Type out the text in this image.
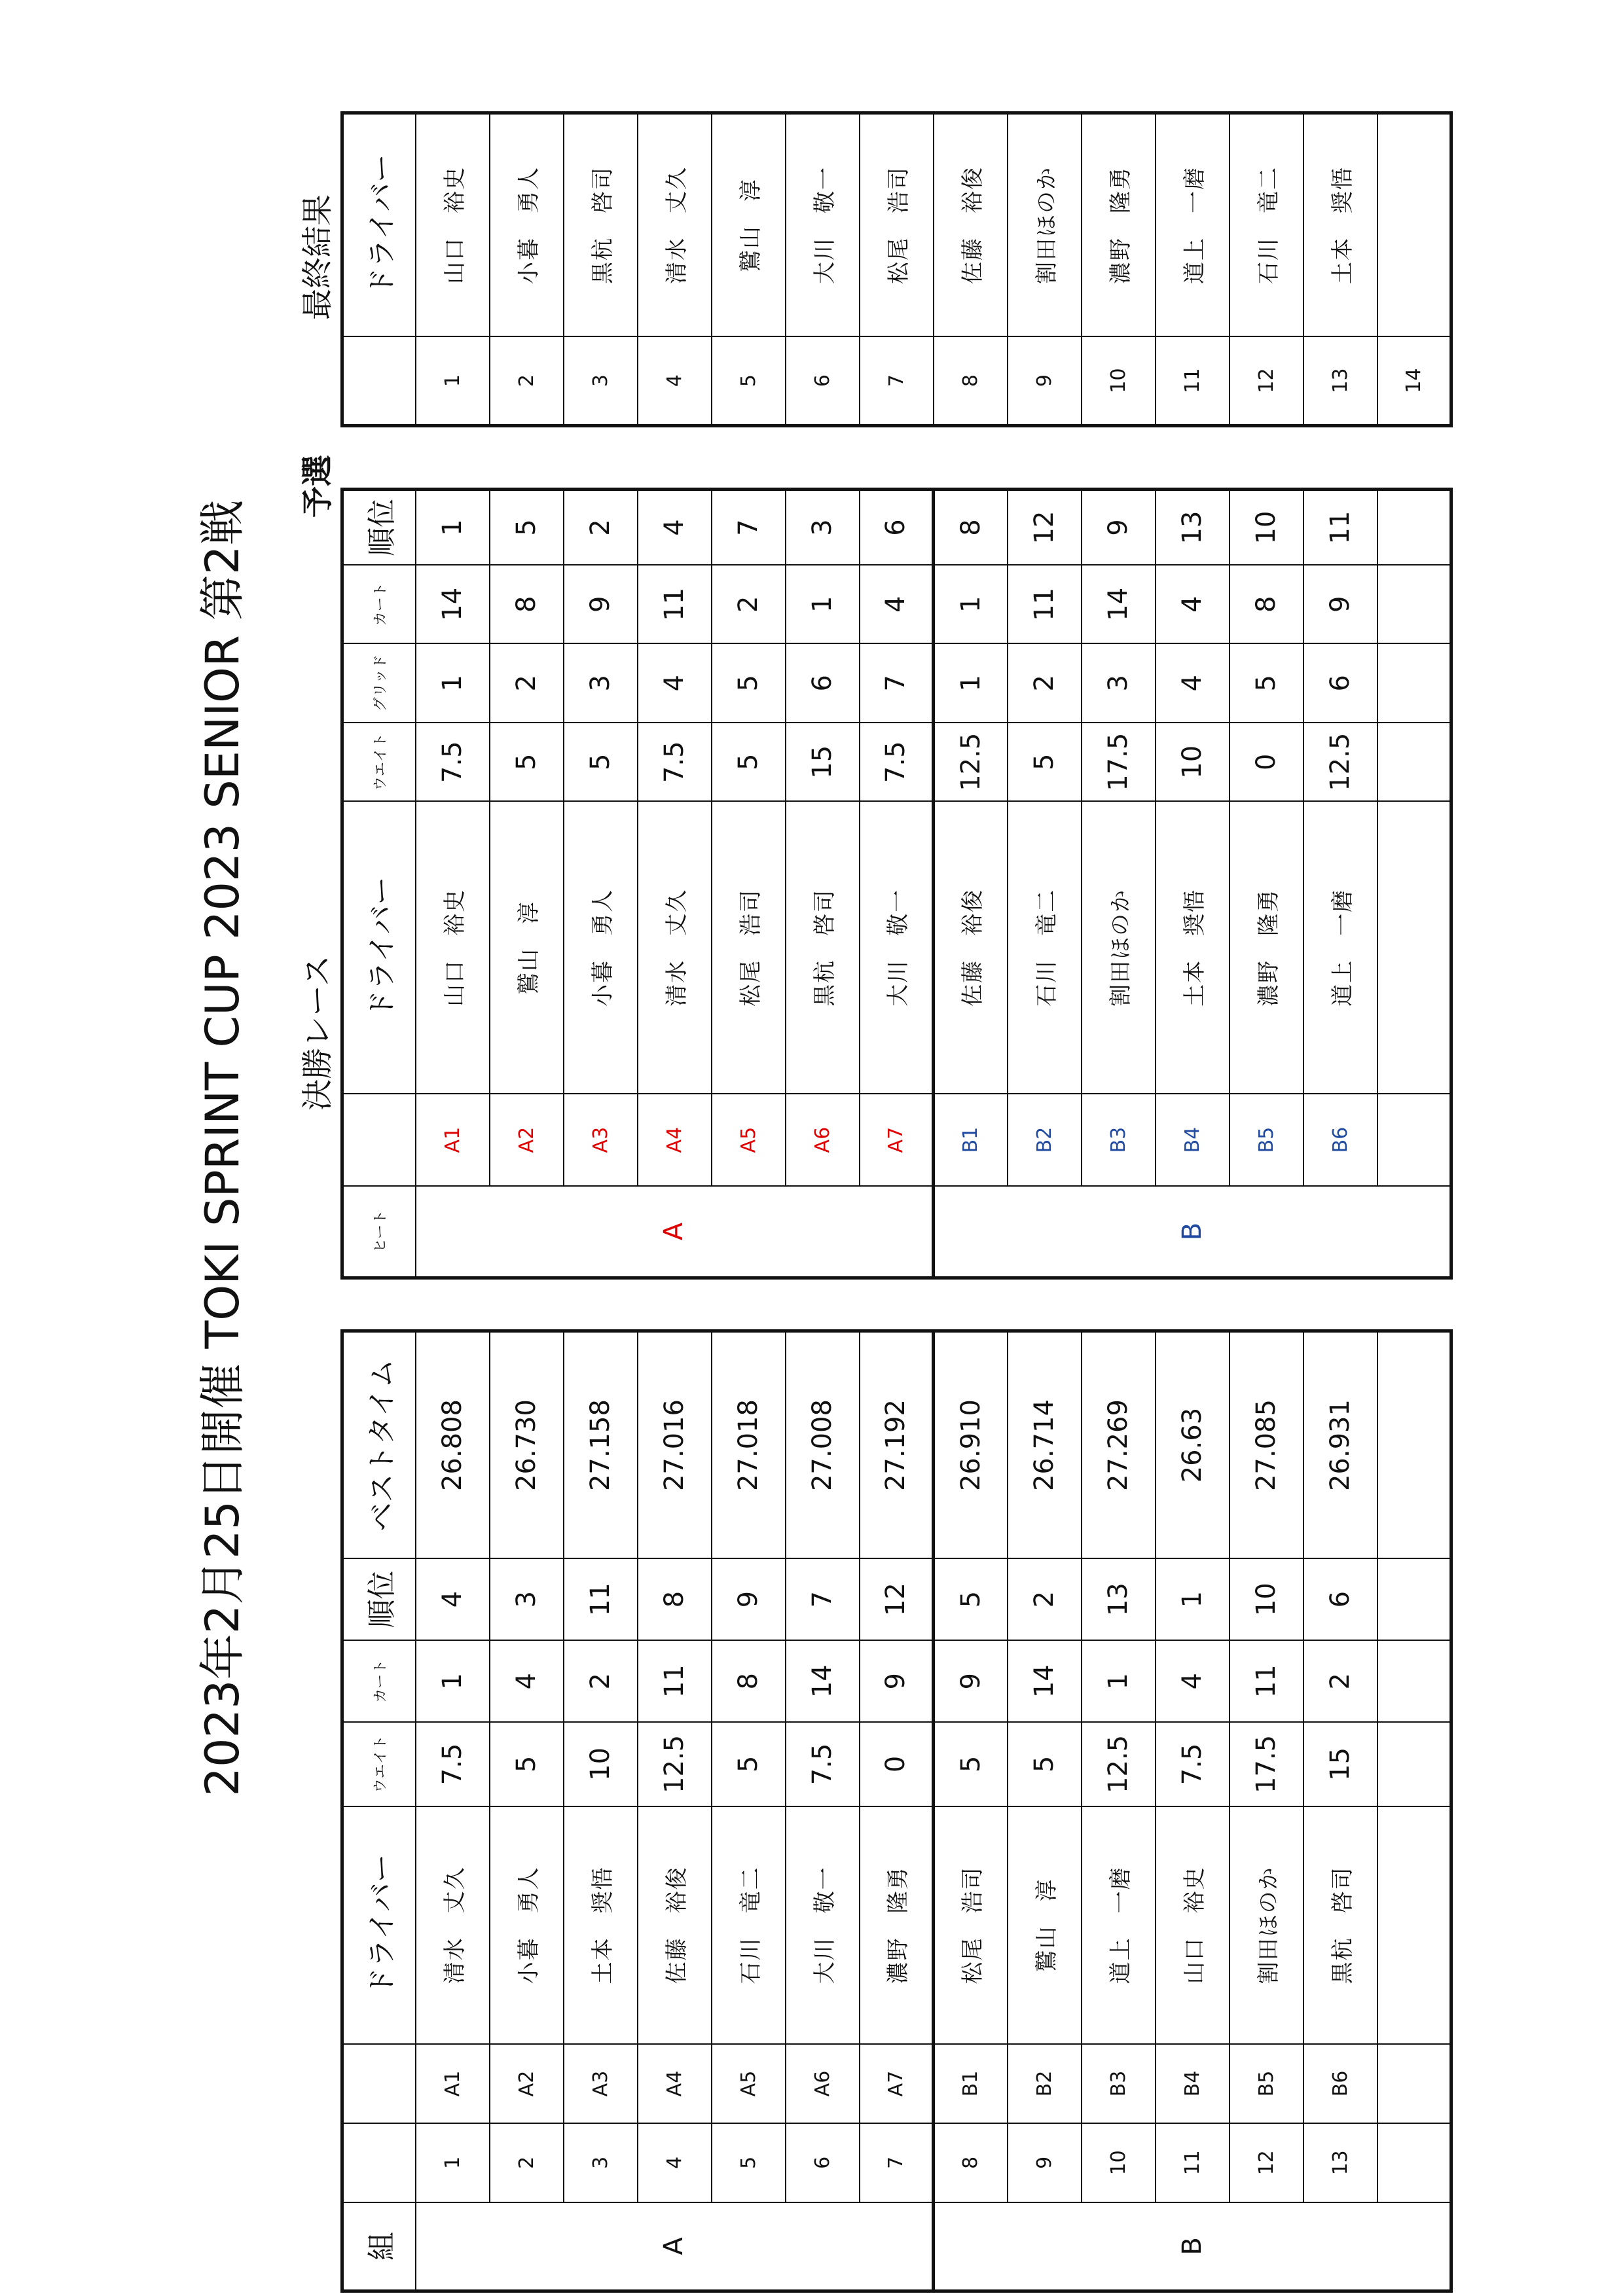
2023年2月25日開催 TOKI SPRINT CUP 2023 SENIOR 第2戦
予選
決勝レース
最終結果
組			ドライバー	ウエイト	カート	順位	ベストタイム
A	1	A1	清水　丈久	7.5	1	4	26.808
	2	A2	小暮　勇人	5	4	3	26.730
	3	A3	土本　奨悟	10	2	11	27.158
	4	A4	佐藤　裕俊	12.5	11	8	27.016
	5	A5	石川　竜二	5	8	9	27.018
	6	A6	大川　敬一	7.5	14	7	27.008
	7	A7	濃野　隆勇	0	9	12	27.192
B	8	B1	松尾　浩司	5	9	5	26.910
	9	B2	鷲山　淳	5	14	2	26.714
	10	B3	道上　一磨	12.5	1	13	27.269
	11	B4	山口　裕史	7.5	4	1	26.63
	12	B5	割田ほのか	17.5	11	10	27.085
	13	B6	黒杭　啓司	15	2	6	26.931

ヒート		ドライバー	ウエイト	グリッド	カート	順位
A	A1	山口　裕史	7.5	1	14	1
	A2	鷲山　淳	5	2	8	5
	A3	小暮　勇人	5	3	9	2
	A4	清水　丈久	7.5	4	11	4
	A5	松尾　浩司	5	5	2	7
	A6	黒杭　啓司	15	6	1	3
	A7	大川　敬一	7.5	7	4	6
B	B1	佐藤　裕俊	12.5	1	1	8
	B2	石川　竜二	5	2	11	12
	B3	割田ほのか	17.5	3	14	9
	B4	土本　奨悟	10	4	4	13
	B5	濃野　隆勇	0	5	8	10
	B6	道上　一磨	12.5	6	9	11

	ドライバー
1	山口　裕史
2	小暮　勇人
3	黒杭　啓司
4	清水　丈久
5	鷲山　淳
6	大川　敬一
7	松尾　浩司
8	佐藤　裕俊
9	割田ほのか
10	濃野　隆勇
11	道上　一磨
12	石川　竜二
13	土本　奨悟
14	
